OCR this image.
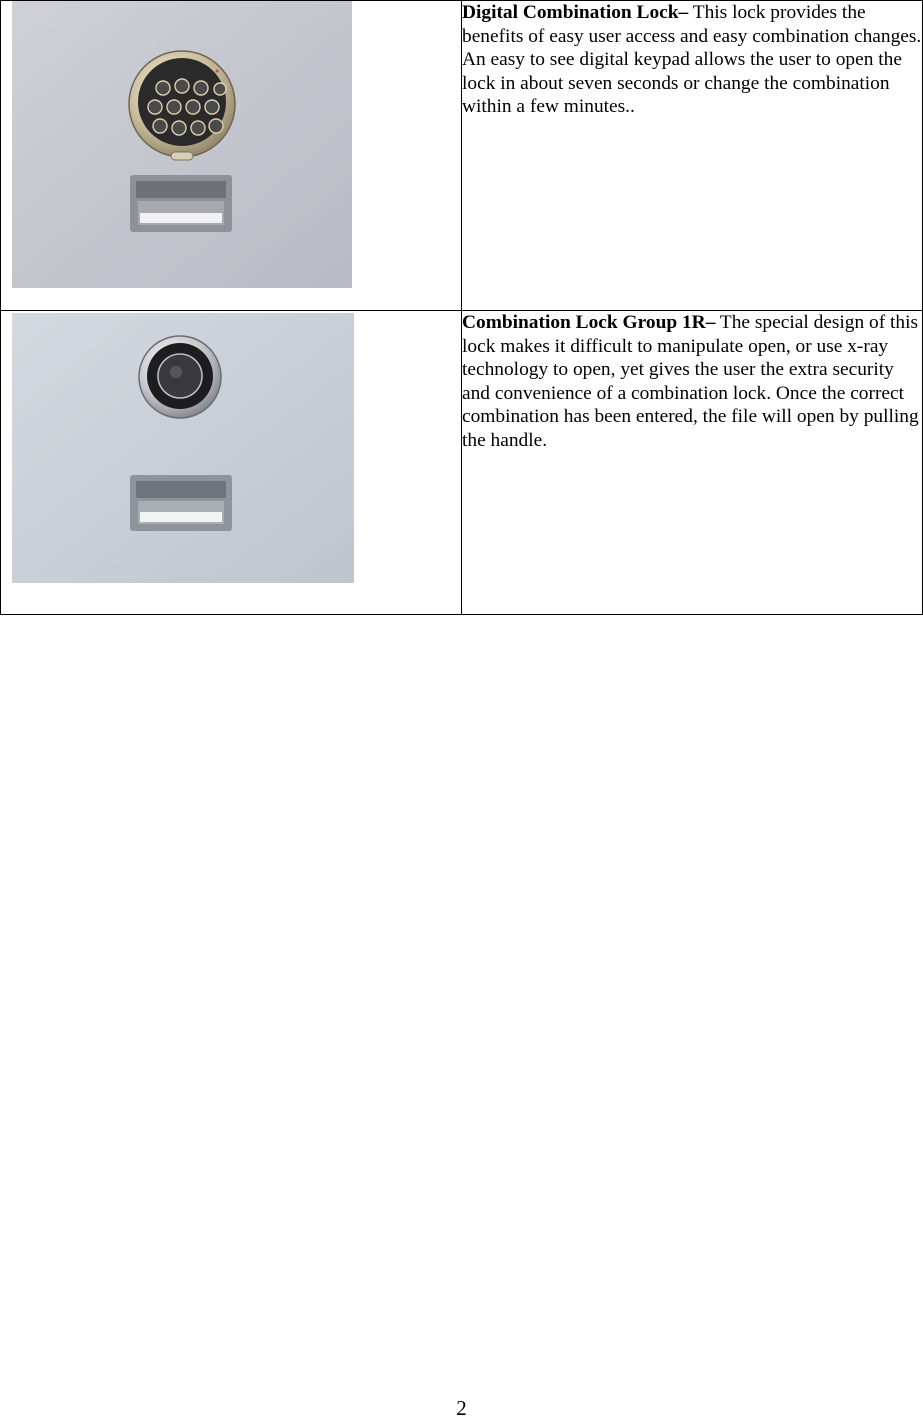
Digital Combination Lock– This lock provides the benefits of easy user access and easy combination changes. An easy to see digital keypad allows the user to open the lock in about seven seconds or change the combination within a few minutes..

Combination Lock Group 1R– The special design of this lock makes it difficult to manipulate open, or use x-ray technology to open, yet gives the user the extra security and convenience of a combination lock. Once the correct combination has been entered, the file will open by pulling the handle.

2
